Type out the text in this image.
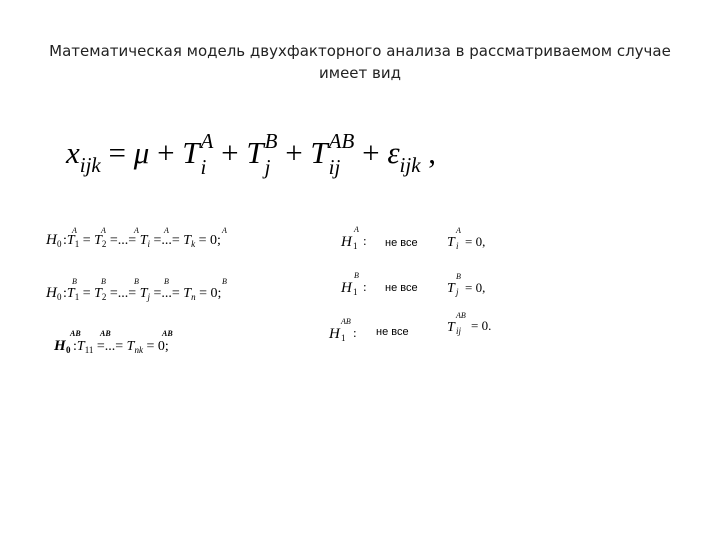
Математическая модель двухфакторного анализа в рассматриваемом случае
имеет вид
$x_{ijk} = \mu + T$ A
i + T B
j + T AB
ij + $\varepsilon_{ijk}$ ,
H 0 $:T_1 = T_2$ =...= $T_i$ =...= $T_k = 0$;
A	A	A	A
A
H 0 $:T_1 = T_2$ =...= $T_j$ =...= $T_n = 0$;
B	B	B	B
B
H 0 $:T_{11}$ =...= $T_{nk} = 0$;
AB AB	AB
H
A
1 : не все T
A
i = 0,
H
B
1 : не все T
B
j = 0,
H
AB
1 : не все	T
AB
ij = 0.
